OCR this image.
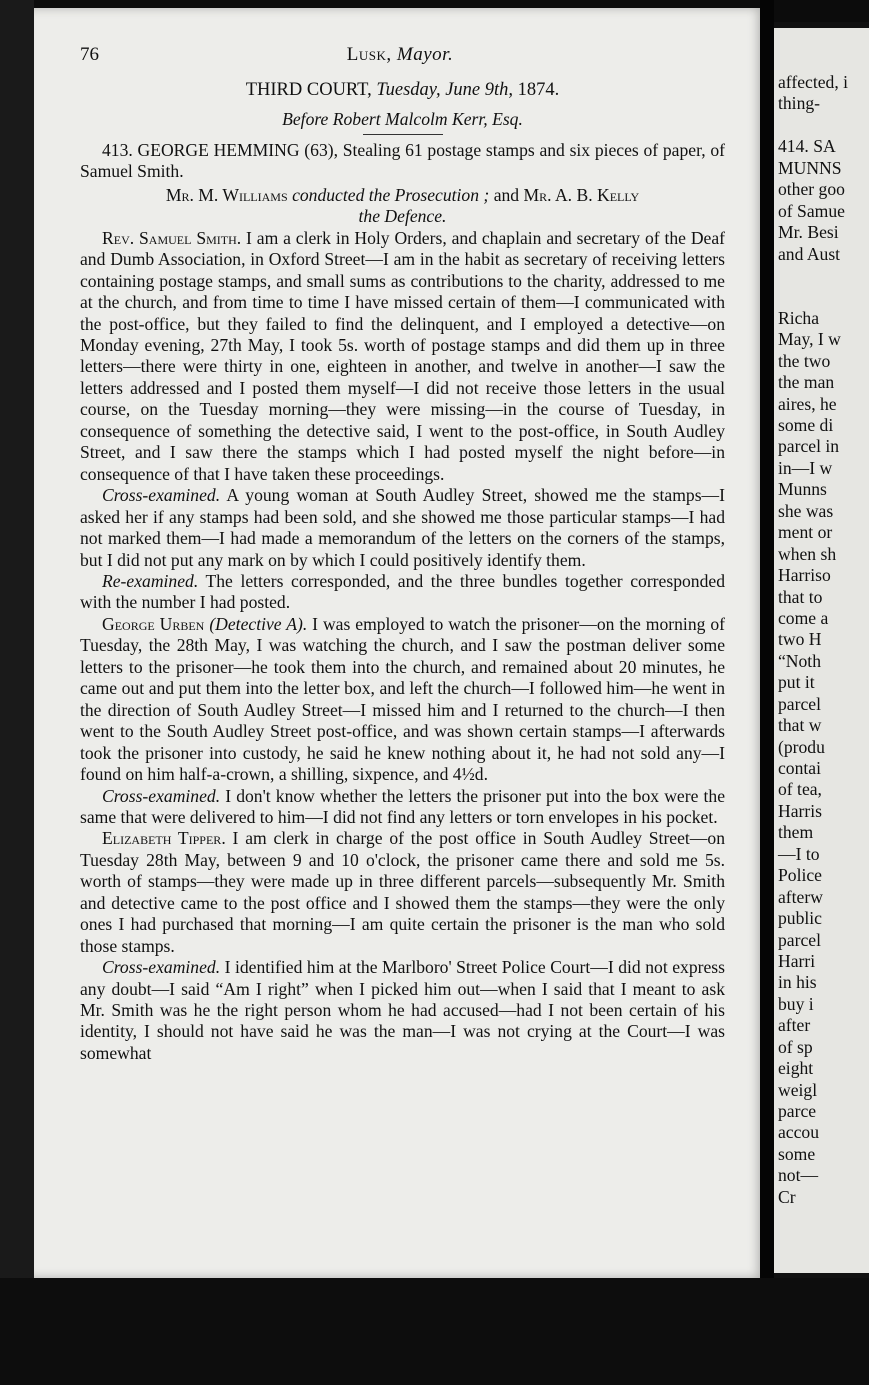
76	Lusk, Mayor.
THIRD COURT, Tuesday, June 9th, 1874.
Before Robert Malcolm Kerr, Esq.

413. GEORGE HEMMING (63), Stealing 61 postage stamps and six pieces of paper, of Samuel Smith.

Mr. M. Williams conducted the Prosecution ; and Mr. A. B. Kelly
the Defence.

Rev. Samuel Smith. I am a clerk in Holy Orders, and chaplain and secretary of the Deaf and Dumb Association, in Oxford Street—I am in the habit as secretary of receiving letters containing postage stamps, and small sums as contributions to the charity, addressed to me at the church, and from time to time I have missed certain of them—I communicated with the post-office, but they failed to find the delinquent, and I employed a detective—on Monday evening, 27th May, I took 5s. worth of postage stamps and did them up in three letters—there were thirty in one, eighteen in another, and twelve in another—I saw the letters addressed and I posted them myself—I did not receive those letters in the usual course, on the Tuesday morning—they were missing—in the course of Tuesday, in consequence of something the detective said, I went to the post-office, in South Audley Street, and I saw there the stamps which I had posted myself the night before—in consequence of that I have taken these proceedings.

Cross-examined. A young woman at South Audley Street, showed me the stamps—I asked her if any stamps had been sold, and she showed me those particular stamps—I had not marked them—I had made a memorandum of the letters on the corners of the stamps, but I did not put any mark on by which I could positively identify them.

Re-examined. The letters corresponded, and the three bundles together corresponded with the number I had posted.

George Urben (Detective A). I was employed to watch the prisoner—on the morning of Tuesday, the 28th May, I was watching the church, and I saw the postman deliver some letters to the prisoner—he took them into the church, and remained about 20 minutes, he came out and put them into the letter box, and left the church—I followed him—he went in the direction of South Audley Street—I missed him and I returned to the church—I then went to the South Audley Street post-office, and was shown certain stamps—I afterwards took the prisoner into custody, he said he knew nothing about it, he had not sold any—I found on him half-a-crown, a shilling, sixpence, and 4½d.

Cross-examined. I don't know whether the letters the prisoner put into the box were the same that were delivered to him—I did not find any letters or torn envelopes in his pocket.

Elizabeth Tipper. I am clerk in charge of the post office in South Audley Street—on Tuesday 28th May, between 9 and 10 o'clock, the prisoner came there and sold me 5s. worth of stamps—they were made up in three different parcels—subsequently Mr. Smith and detective came to the post office and I showed them the stamps—they were the only ones I had purchased that morning—I am quite certain the prisoner is the man who sold those stamps.

Cross-examined. I identified him at the Marlboro' Street Police Court—I did not express any doubt—I said “Am I right” when I picked him out—when I said that I meant to ask Mr. Smith was he the right person whom he had accused—had I not been certain of his identity, I should not have said he was the man—I was not crying at the Court—I was somewhat

affected, i
thing-
414. SA
MUNNS
other goo
of Samue
Mr. Besi
and Aust
Richa
May, I w
the two
the man
aires, he
some di
parcel in
in—I w
Munns
she was
ment or
when sh
Harriso
that to
come a
two H
“Noth
put it
parcel
that w
(produ
contai
of tea,
Harris
them
—I to
Police
afterw
public
parcel
Harri
in his
buy i
after
of sp
eight
weigl
parce
accou
some
not—
Cr
